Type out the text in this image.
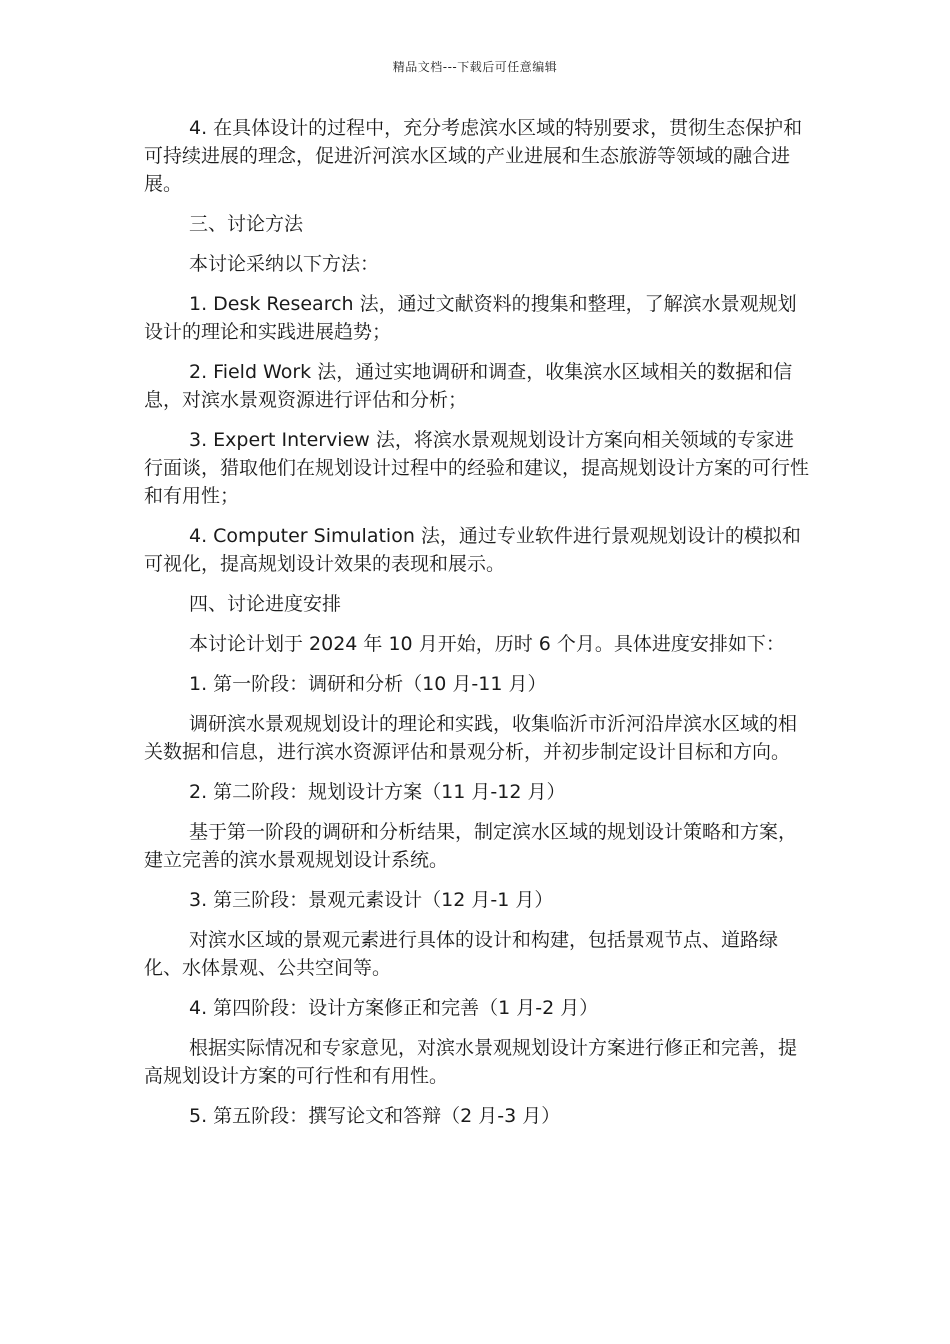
精品文档---下载后可任意编辑

4. 在具体设计的过程中，充分考虑滨水区域的特别要求，贯彻生态保护和可持续进展的理念，促进沂河滨水区域的产业进展和生态旅游等领域的融合进展。

三、讨论方法

本讨论采纳以下方法：

1. Desk Research 法，通过文献资料的搜集和整理，了解滨水景观规划设计的理论和实践进展趋势；

2. Field Work 法，通过实地调研和调查，收集滨水区域相关的数据和信息，对滨水景观资源进行评估和分析；

3. Expert Interview 法，将滨水景观规划设计方案向相关领域的专家进行面谈，猎取他们在规划设计过程中的经验和建议，提高规划设计方案的可行性和有用性；

4. Computer Simulation 法，通过专业软件进行景观规划设计的模拟和可视化，提高规划设计效果的表现和展示。

四、讨论进度安排

本讨论计划于 2024 年 10 月开始，历时 6 个月。具体进度安排如下：

1. 第一阶段：调研和分析（10 月-11 月）

调研滨水景观规划设计的理论和实践，收集临沂市沂河沿岸滨水区域的相关数据和信息，进行滨水资源评估和景观分析，并初步制定设计目标和方向。

2. 第二阶段：规划设计方案（11 月-12 月）

基于第一阶段的调研和分析结果，制定滨水区域的规划设计策略和方案，建立完善的滨水景观规划设计系统。

3. 第三阶段：景观元素设计（12 月-1 月）

对滨水区域的景观元素进行具体的设计和构建，包括景观节点、道路绿化、水体景观、公共空间等。

4. 第四阶段：设计方案修正和完善（1 月-2 月）

根据实际情况和专家意见，对滨水景观规划设计方案进行修正和完善，提高规划设计方案的可行性和有用性。

5. 第五阶段：撰写论文和答辩（2 月-3 月）
